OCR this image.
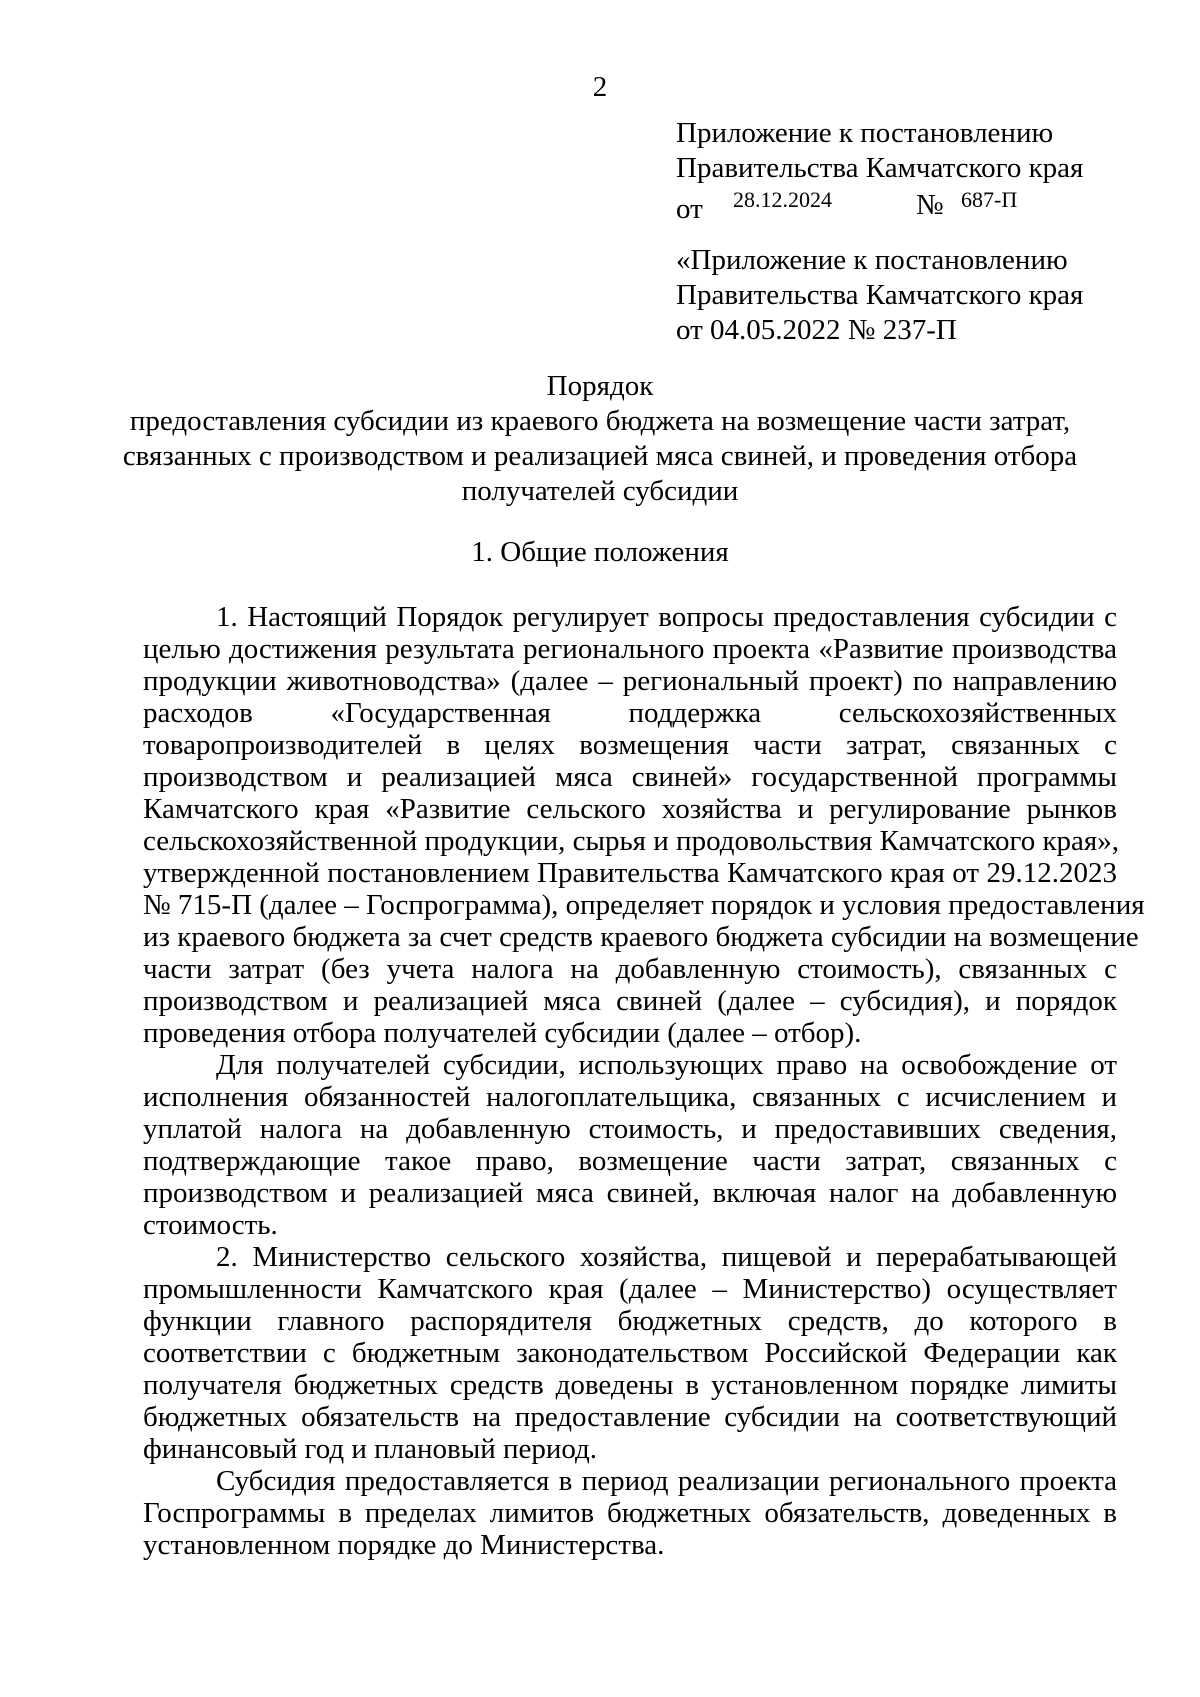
2
Приложение к постановлению
Правительства Камчатского края
от 28.12.2024	№ 687-П
«Приложение к постановлению
Правительства Камчатского края
от 04.05.2022 № 237-П
Порядок
предоставления субсидии из краевого бюджета на возмещение части затрат,
связанных с производством и реализацией мяса свиней, и проведения отбора
получателей субсидии
1. Общие положения
1. Настоящий Порядок регулирует вопросы предоставления субсидии с
целью достижения результата регионального проекта «Развитие производства
продукции животноводства» (далее – региональный проект) по направлению
расходов «Государственная поддержка сельскохозяйственных
товаропроизводителей в целях возмещения части затрат, связанных с
производством и реализацией мяса свиней» государственной программы
Камчатского края «Развитие сельского хозяйства и регулирование рынков
сельскохозяйственной продукции, сырья и продовольствия Камчатского края»,
утвержденной постановлением Правительства Камчатского края от 29.12.2023
№ 715-П (далее – Госпрограмма), определяет порядок и условия предоставления
из краевого бюджета за счет средств краевого бюджета субсидии на возмещение
части затрат (без учета налога на добавленную стоимость), связанных с
производством и реализацией мяса свиней (далее – субсидия), и порядок
проведения отбора получателей субсидии (далее – отбор).
Для получателей субсидии, использующих право на освобождение от
исполнения обязанностей налогоплательщика, связанных с исчислением и
уплатой налога на добавленную стоимость, и предоставивших сведения,
подтверждающие такое право, возмещение части затрат, связанных с
производством и реализацией мяса свиней, включая налог на добавленную
стоимость.
2. Министерство сельского хозяйства, пищевой и перерабатывающей
промышленности Камчатского края (далее – Министерство) осуществляет
функции главного распорядителя бюджетных средств, до которого в
соответствии с бюджетным законодательством Российской Федерации как
получателя бюджетных средств доведены в установленном порядке лимиты
бюджетных обязательств на предоставление субсидии на соответствующий
финансовый год и плановый период.
Субсидия предоставляется в период реализации регионального проекта
Госпрограммы в пределах лимитов бюджетных обязательств, доведенных в
установленном порядке до Министерства.
